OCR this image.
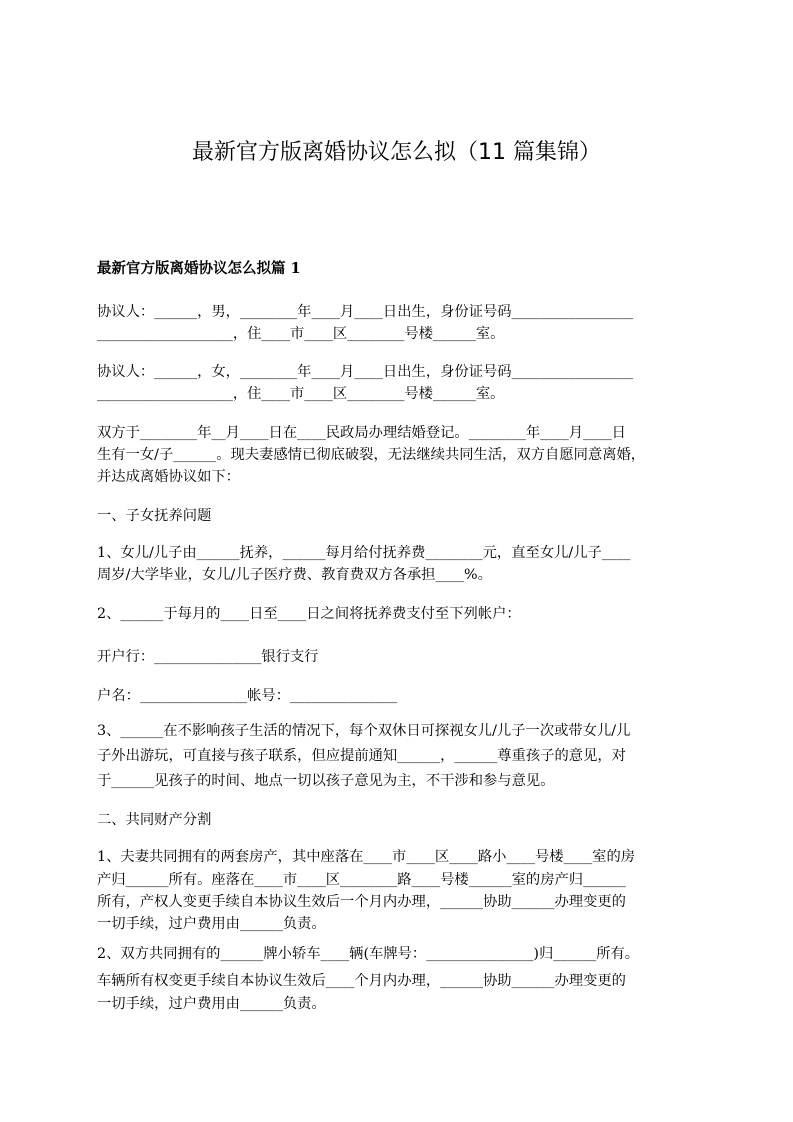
最新官方版离婚协议怎么拟（11 篇集锦）
最新官方版离婚协议怎么拟篇 1
协议人：______，男，________年____月____日出生，身份证号码_________________
___________________，住____市____区________号楼______室。
协议人：______，女，________年____月____日出生，身份证号码_________________
___________________，住____市____区________号楼______室。
双方于________年__月____日在____民政局办理结婚登记。________年____月____日
生有一女/子______。现夫妻感情已彻底破裂，无法继续共同生活，双方自愿同意离婚，
并达成离婚协议如下：
一、子女抚养问题
1、女儿/儿子由______抚养，______每月给付抚养费________元，直至女儿/儿子____
周岁/大学毕业，女儿/儿子医疗费、教育费双方各承担____%。
2、______于每月的____日至____日之间将抚养费支付至下列帐户：
开户行：_______________银行支行
户名：_______________帐号：_______________
3、______在不影响孩子生活的情况下，每个双休日可探视女儿/儿子一次或带女儿/儿
子外出游玩，可直接与孩子联系，但应提前通知______，______尊重孩子的意见，对
于______见孩子的时间、地点一切以孩子意见为主，不干涉和参与意见。
二、共同财产分割
1、夫妻共同拥有的两套房产，其中座落在____市____区____路小____号楼____室的房
产归______所有。座落在____市____区________路____号楼______室的房产归______
所有，产权人变更手续自本协议生效后一个月内办理，______协助______办理变更的
一切手续，过户费用由______负责。
2、双方共同拥有的______牌小轿车____辆(车牌号：_______________)归______所有。
车辆所有权变更手续自本协议生效后____个月内办理，______协助______办理变更的
一切手续，过户费用由______负责。
